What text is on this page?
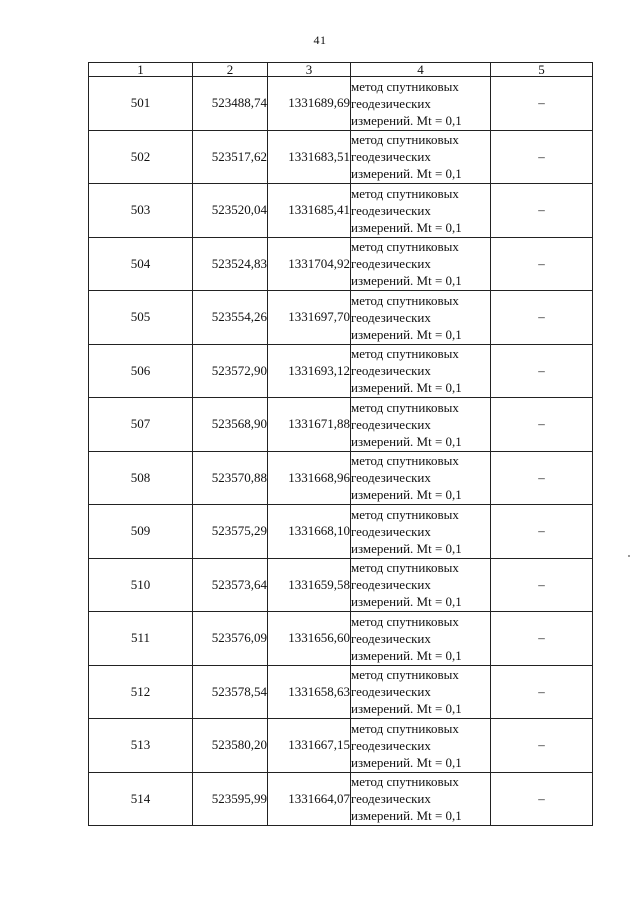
41
1	2	3	4	5
501	523488,74	1331689,69	метод спутниковых
геодезических
измерений. Mt = 0,1	–
502	523517,62	1331683,51	метод спутниковых
геодезических
измерений. Mt = 0,1	–
503	523520,04	1331685,41	метод спутниковых
геодезических
измерений. Mt = 0,1	–
504	523524,83	1331704,92	метод спутниковых
геодезических
измерений. Mt = 0,1	–
505	523554,26	1331697,70	метод спутниковых
геодезических
измерений. Mt = 0,1	–
506	523572,90	1331693,12	метод спутниковых
геодезических
измерений. Mt = 0,1	–
507	523568,90	1331671,88	метод спутниковых
геодезических
измерений. Mt = 0,1	–
508	523570,88	1331668,96	метод спутниковых
геодезических
измерений. Mt = 0,1	–
509	523575,29	1331668,10	метод спутниковых
геодезических
измерений. Mt = 0,1	–
510	523573,64	1331659,58	метод спутниковых
геодезических
измерений. Mt = 0,1	–
511	523576,09	1331656,60	метод спутниковых
геодезических
измерений. Mt = 0,1	–
512	523578,54	1331658,63	метод спутниковых
геодезических
измерений. Mt = 0,1	–
513	523580,20	1331667,15	метод спутниковых
геодезических
измерений. Mt = 0,1	–
514	523595,99	1331664,07	метод спутниковых
геодезических
измерений. Mt = 0,1	–
